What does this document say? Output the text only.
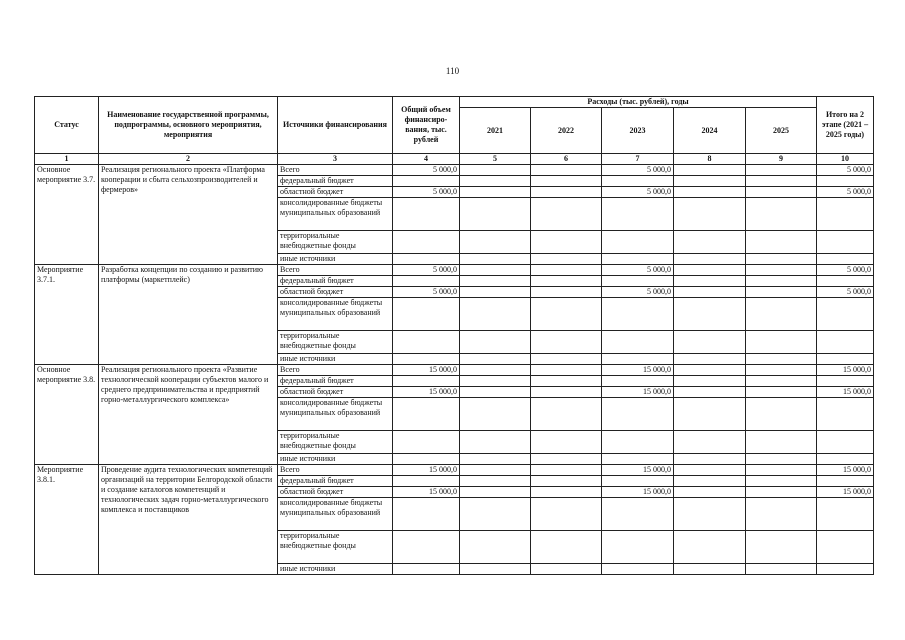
110
Статус	Наименование государственной программы, подпрограммы, основного мероприятия, мероприятия	Источники финансирования	Общий объем финансиро-вания, тыс. рублей	Расходы (тыс. рублей), годы					Итого на 2 этапе (2021 – 2025 годы)
				2021	2022	2023	2024	2025	
1	2	3	4	5	6	7	8	9	10
Основное мероприятие 3.7.	Реализация регионального проекта «Платформа кооперации и сбыта сельхозпроизводителей и фермеров»	Всего	5 000,0			5 000,0			5 000,0
		федеральный бюджет							
		областной бюджет	5 000,0			5 000,0			5 000,0
		консолидированные бюджеты муниципальных образований							
		территориальные внебюджетные фонды							
		иные источники							
Мероприятие 3.7.1.	Разработка концепции по созданию и развитию платформы (маркетплейс)	Всего	5 000,0			5 000,0			5 000,0
		федеральный бюджет							
		областной бюджет	5 000,0			5 000,0			5 000,0
		консолидированные бюджеты муниципальных образований							
		территориальные внебюджетные фонды							
		иные источники							
Основное мероприятие 3.8.	Реализация регионального проекта «Развитие технологической кооперации субъектов малого и среднего предпринимательства и предприятий горно-металлургического комплекса»	Всего	15 000,0			15 000,0			15 000,0
		федеральный бюджет							
		областной бюджет	15 000,0			15 000,0			15 000,0
		консолидированные бюджеты муниципальных образований							
		территориальные внебюджетные фонды							
		иные источники							
Мероприятие 3.8.1.	Проведение аудита технологических компетенций организаций на территории Белгородской области и создание каталогов компетенций и технологических задач горно-металлургического комплекса и поставщиков	Всего	15 000,0			15 000,0			15 000,0
		федеральный бюджет							
		областной бюджет	15 000,0			15 000,0			15 000,0
		консолидированные бюджеты муниципальных образований							
		территориальные внебюджетные фонды							
		иные источники							
